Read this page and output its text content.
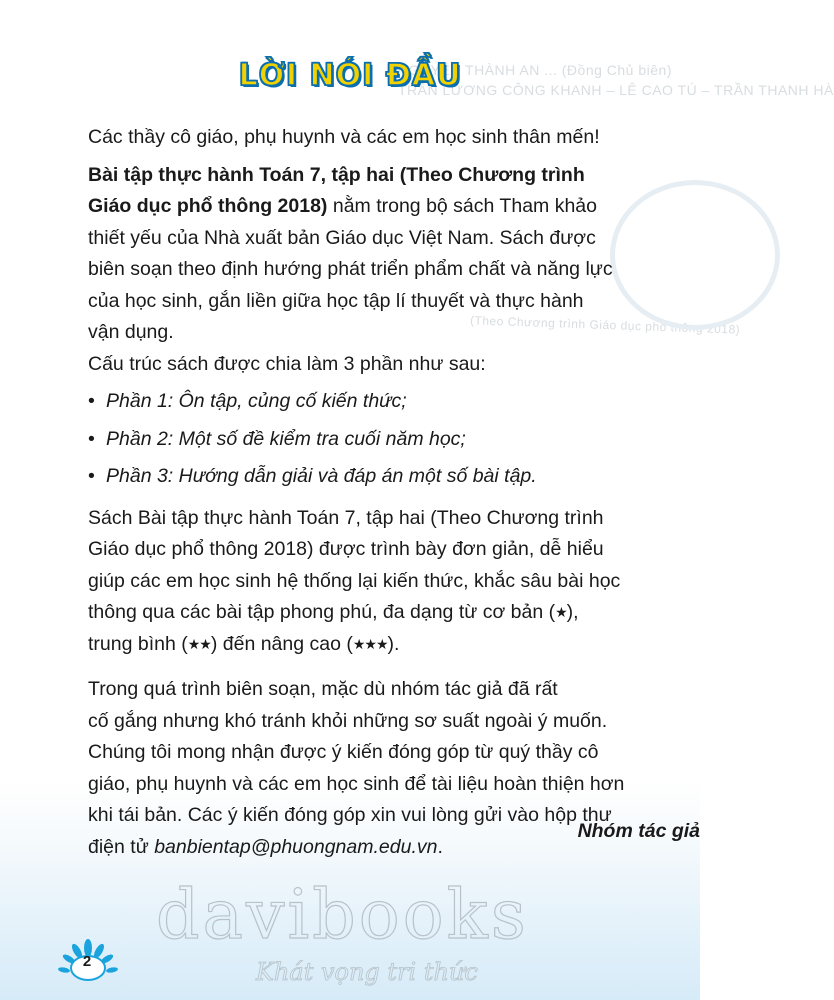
NGUYỄN THÀNH AN ... (Đồng Chủ biên)
TRẦN LƯƠNG CÔNG KHANH – LÊ CAO TÚ – TRẦN THANH HÀ
(Theo Chương trình Giáo dục phổ thông 2018)
LỜI NÓI ĐẦU

Các thầy cô giáo, phụ huynh và các em học sinh thân mến!

Bài tập thực hành Toán 7, tập hai (Theo Chương trình
Giáo dục phổ thông 2018) nằm trong bộ sách Tham khảo
thiết yếu của Nhà xuất bản Giáo dục Việt Nam. Sách được
biên soạn theo định hướng phát triển phẩm chất và năng lực
của học sinh, gắn liền giữa học tập lí thuyết và thực hành
vận dụng.

Cấu trúc sách được chia làm 3 phần như sau:

• Phần 1: Ôn tập, củng cố kiến thức;
• Phần 2: Một số đề kiểm tra cuối năm học;
• Phần 3: Hướng dẫn giải và đáp án một số bài tập.
Sách Bài tập thực hành Toán 7, tập hai (Theo Chương trình
Giáo dục phổ thông 2018) được trình bày đơn giản, dễ hiểu
giúp các em học sinh hệ thống lại kiến thức, khắc sâu bài học
thông qua các bài tập phong phú, đa dạng từ cơ bản (★),
trung bình (★★) đến nâng cao (★★★).
Trong quá trình biên soạn, mặc dù nhóm tác giả đã rất
cố gắng nhưng khó tránh khỏi những sơ suất ngoài ý muốn.
Chúng tôi mong nhận được ý kiến đóng góp từ quý thầy cô
giáo, phụ huynh và các em học sinh để tài liệu hoàn thiện hơn
khi tái bản. Các ý kiến đóng góp xin vui lòng gửi vào hộp thư
điện tử banbientap@phuongnam.edu.vn.
Nhóm tác giả
davibooks
Khát vọng tri thức
2
